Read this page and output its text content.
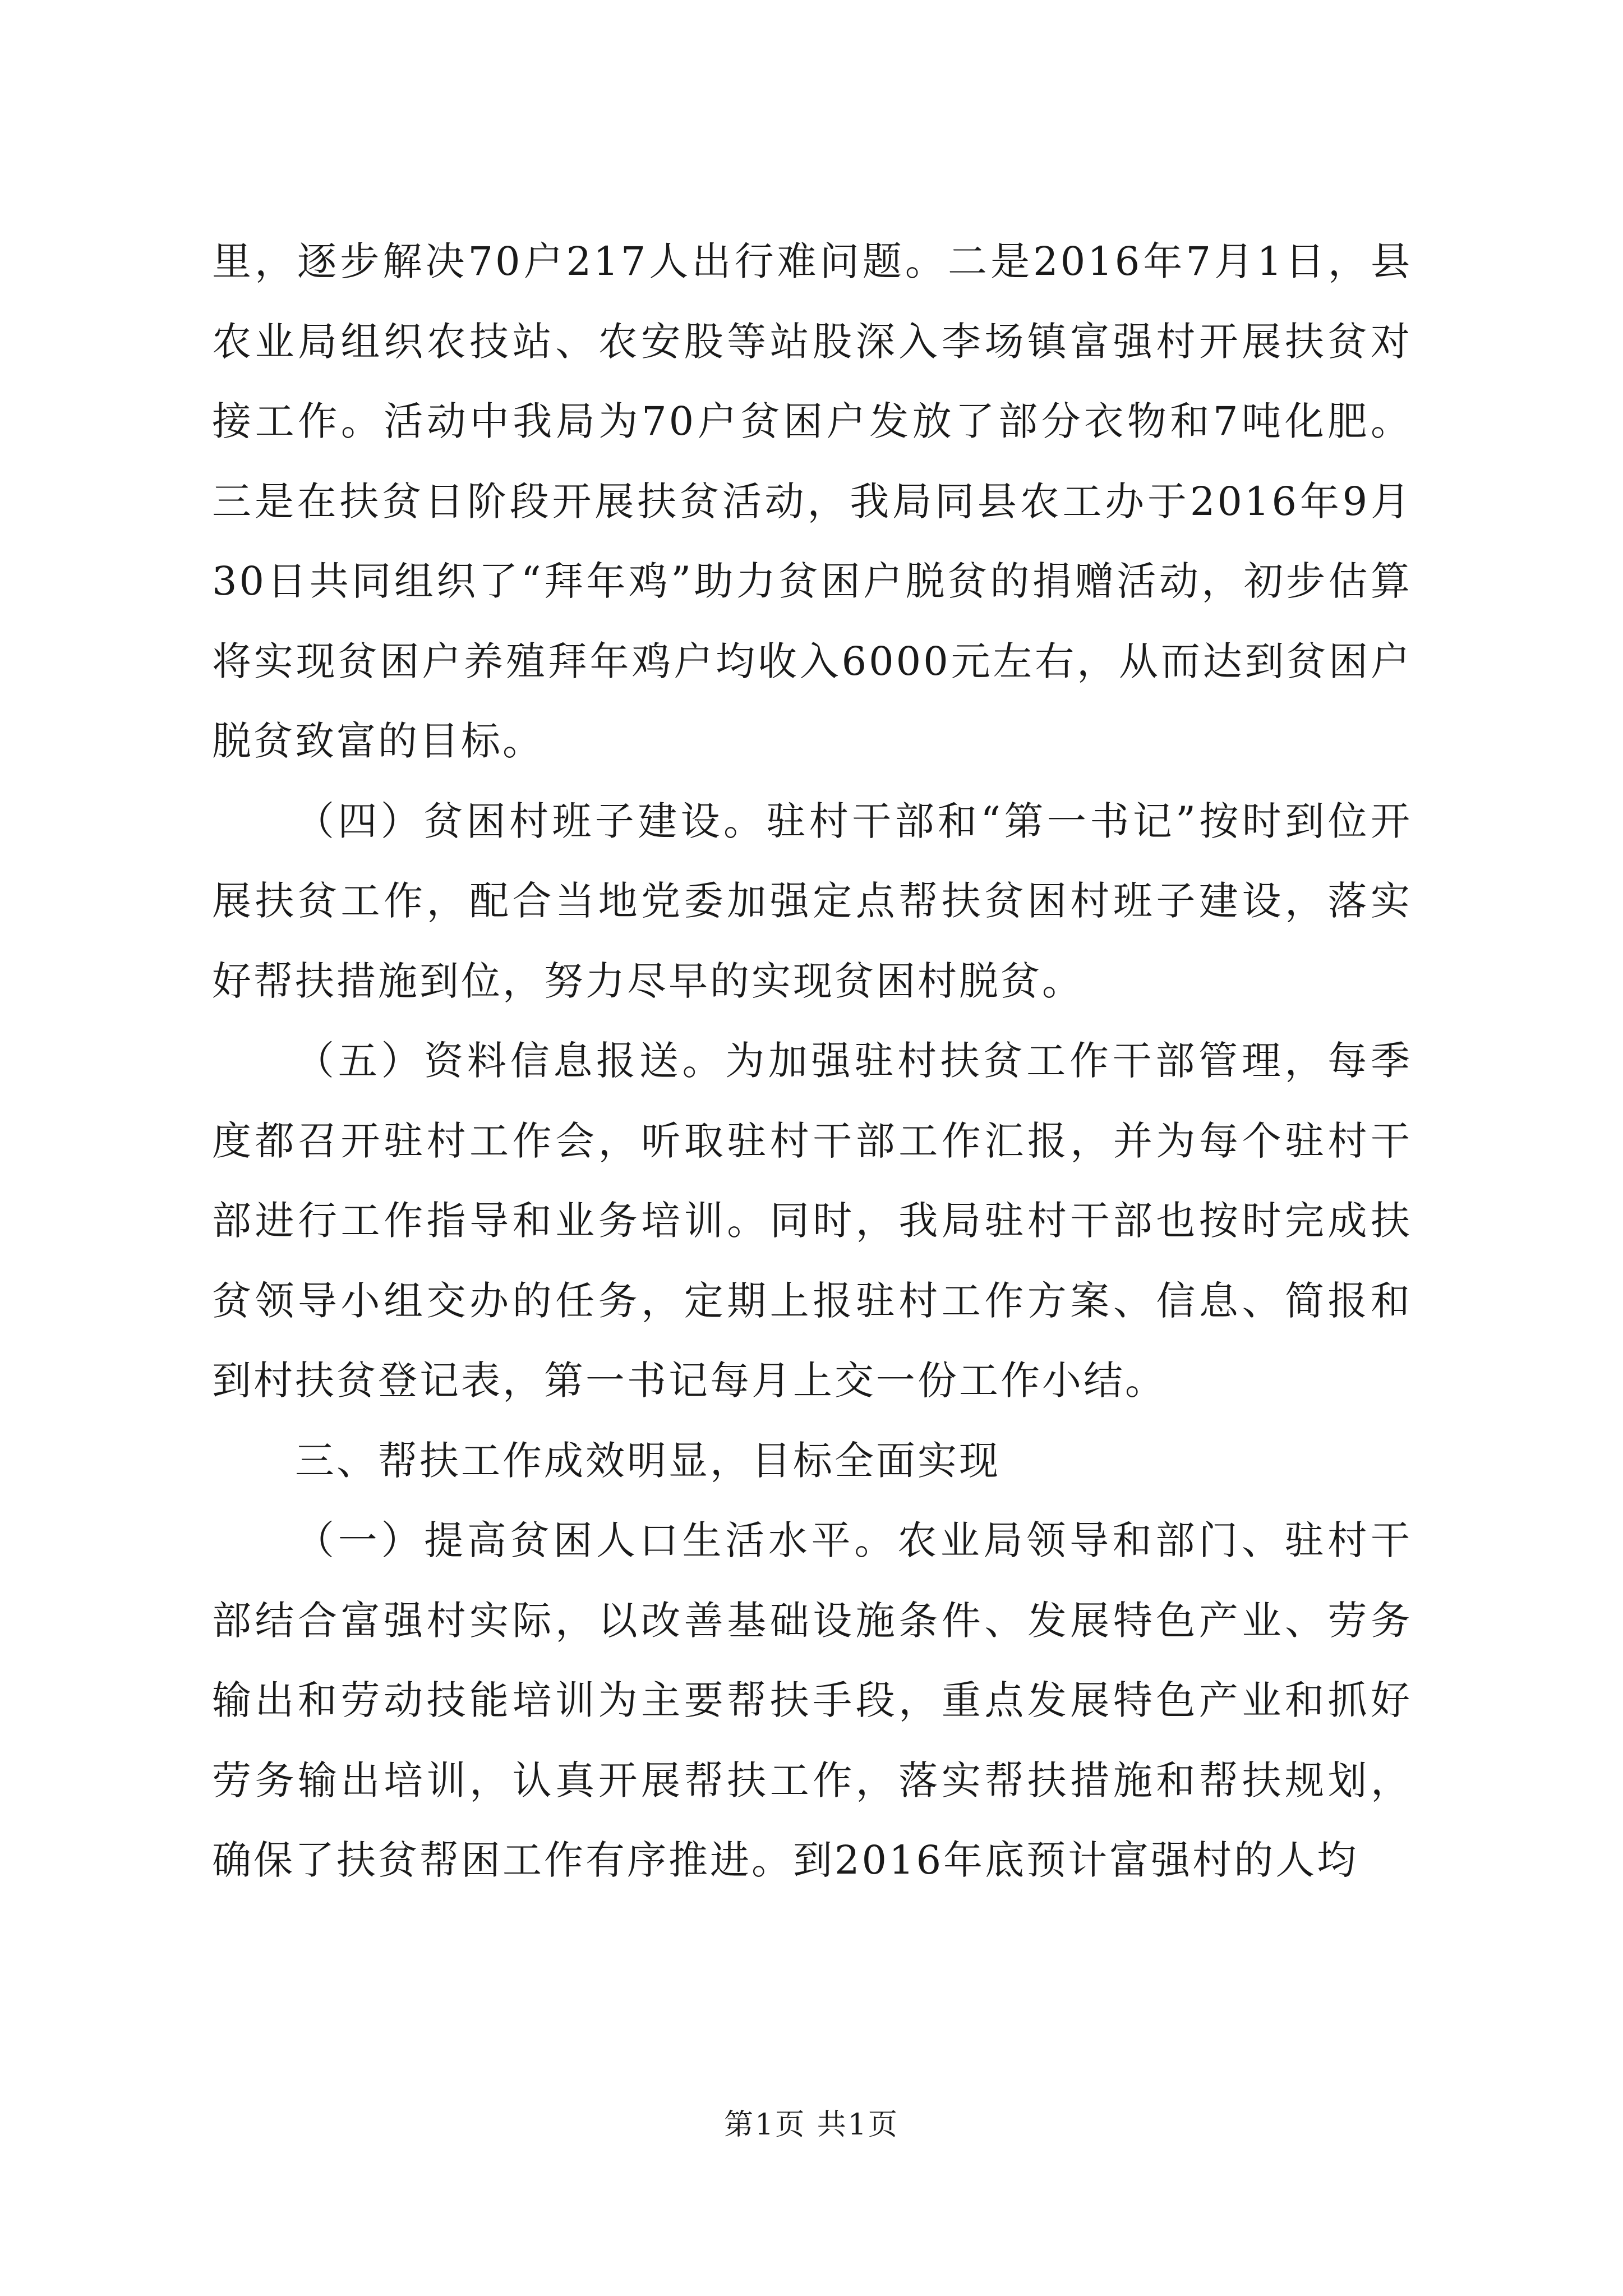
里，逐步解决70户217人出行难问题。二是2016年7月1日，县农业局组织农技站、农安股等站股深入李场镇富强村开展扶贫对接工作。活动中我局为70户贫困户发放了部分衣物和7吨化肥。三是在扶贫日阶段开展扶贫活动，我局同县农工办于2016年9月30日共同组织了“拜年鸡”助力贫困户脱贫的捐赠活动，初步估算将实现贫困户养殖拜年鸡户均收入6000元左右，从而达到贫困户脱贫致富的目标。

（四）贫困村班子建设。驻村干部和“第一书记”按时到位开展扶贫工作，配合当地党委加强定点帮扶贫困村班子建设，落实好帮扶措施到位，努力尽早的实现贫困村脱贫。

（五）资料信息报送。为加强驻村扶贫工作干部管理，每季度都召开驻村工作会，听取驻村干部工作汇报，并为每个驻村干部进行工作指导和业务培训。同时，我局驻村干部也按时完成扶贫领导小组交办的任务，定期上报驻村工作方案、信息、简报和到村扶贫登记表，第一书记每月上交一份工作小结。

三、帮扶工作成效明显，目标全面实现

（一）提高贫困人口生活水平。农业局领导和部门、驻村干部结合富强村实际，以改善基础设施条件、发展特色产业、劳务输出和劳动技能培训为主要帮扶手段，重点发展特色产业和抓好劳务输出培训，认真开展帮扶工作，落实帮扶措施和帮扶规划，确保了扶贫帮困工作有序推进。到2016年底预计富强村的人均

第1页 共1页
